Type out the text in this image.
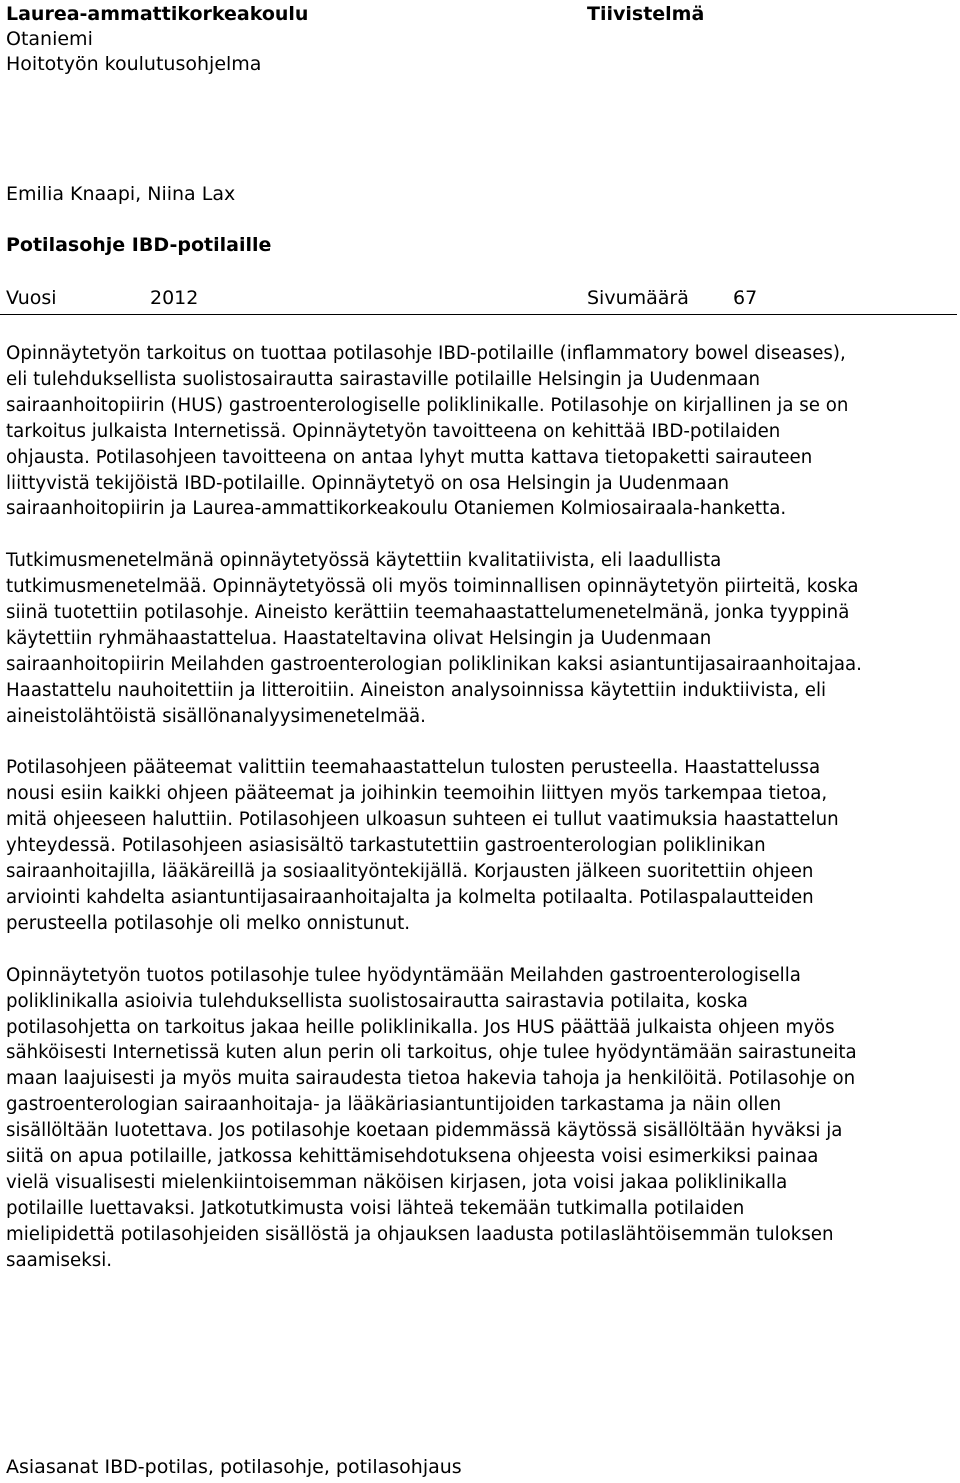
Laurea-ammattikorkeakoulu
Otaniemi
Hoitotyön koulutusohjelma
Tiivistelmä
Emilia Knaapi, Niina Lax
Potilasohje IBD-potilaille
Vuosi	2012	Sivumäärä 67

Opinnäytetyön tarkoitus on tuottaa potilasohje IBD-potilaille (inflammatory bowel diseases),
eli tulehduksellista suolistosairautta sairastaville potilaille Helsingin ja Uudenmaan
sairaanhoitopiirin (HUS) gastroenterologiselle poliklinikalle. Potilasohje on kirjallinen ja se on
tarkoitus julkaista Internetissä. Opinnäytetyön tavoitteena on kehittää IBD-potilaiden
ohjausta. Potilasohjeen tavoitteena on antaa lyhyt mutta kattava tietopaketti sairauteen
liittyvistä tekijöistä IBD-potilaille. Opinnäytetyö on osa Helsingin ja Uudenmaan
sairaanhoitopiirin ja Laurea-ammattikorkeakoulu Otaniemen Kolmiosairaala-hanketta.

Tutkimusmenetelmänä opinnäytetyössä käytettiin kvalitatiivista, eli laadullista
tutkimusmenetelmää. Opinnäytetyössä oli myös toiminnallisen opinnäytetyön piirteitä, koska
siinä tuotettiin potilasohje. Aineisto kerättiin teemahaastattelumenetelmänä, jonka tyyppinä
käytettiin ryhmähaastattelua. Haastateltavina olivat Helsingin ja Uudenmaan
sairaanhoitopiirin Meilahden gastroenterologian poliklinikan kaksi asiantuntijasairaanhoitajaa.
Haastattelu nauhoitettiin ja litteroitiin. Aineiston analysoinnissa käytettiin induktiivista, eli
aineistolähtöistä sisällönanalyysimenetelmää.

Potilasohjeen pääteemat valittiin teemahaastattelun tulosten perusteella. Haastattelussa
nousi esiin kaikki ohjeen pääteemat ja joihinkin teemoihin liittyen myös tarkempaa tietoa,
mitä ohjeeseen haluttiin. Potilasohjeen ulkoasun suhteen ei tullut vaatimuksia haastattelun
yhteydessä. Potilasohjeen asiasisältö tarkastutettiin gastroenterologian poliklinikan
sairaanhoitajilla, lääkäreillä ja sosiaalityöntekijällä. Korjausten jälkeen suoritettiin ohjeen
arviointi kahdelta asiantuntijasairaanhoitajalta ja kolmelta potilaalta. Potilaspalautteiden
perusteella potilasohje oli melko onnistunut.

Opinnäytetyön tuotos potilasohje tulee hyödyntämään Meilahden gastroenterologisella
poliklinikalla asioivia tulehduksellista suolistosairautta sairastavia potilaita, koska
potilasohjetta on tarkoitus jakaa heille poliklinikalla. Jos HUS päättää julkaista ohjeen myös
sähköisesti Internetissä kuten alun perin oli tarkoitus, ohje tulee hyödyntämään sairastuneita
maan laajuisesti ja myös muita sairaudesta tietoa hakevia tahoja ja henkilöitä. Potilasohje on
gastroenterologian sairaanhoitaja- ja lääkäriasiantuntijoiden tarkastama ja näin ollen
sisällöltään luotettava. Jos potilasohje koetaan pidemmässä käytössä sisällöltään hyväksi ja
siitä on apua potilaille, jatkossa kehittämisehdotuksena ohjeesta voisi esimerkiksi painaa
vielä visualisesti mielenkiintoisemman näköisen kirjasen, jota voisi jakaa poliklinikalla
potilaille luettavaksi. Jatkotutkimusta voisi lähteä tekemään tutkimalla potilaiden
mielipidettä potilasohjeiden sisällöstä ja ohjauksen laadusta potilaslähtöisemmän tuloksen
saamiseksi.

Asiasanat IBD-potilas, potilasohje, potilasohjaus
